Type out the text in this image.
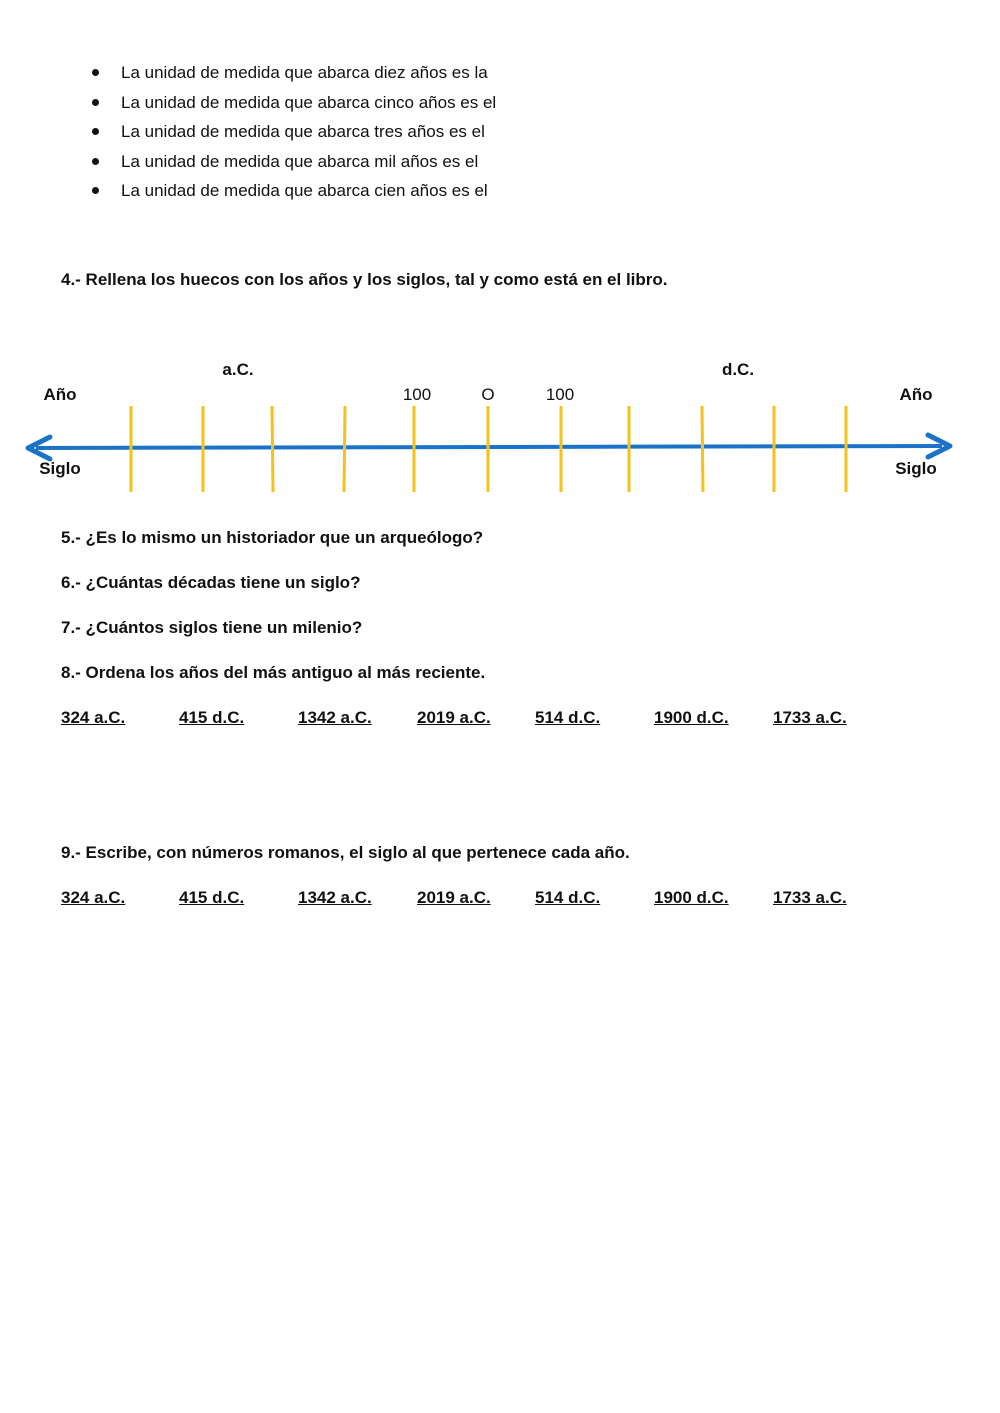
La unidad de medida que abarca diez años es la
La unidad de medida que abarca cinco años es el
La unidad de medida que abarca tres años es el
La unidad de medida que abarca mil años es el
La unidad de medida que abarca cien años es el
4.- Rellena los huecos con los años y los siglos, tal y como está en el libro.
a.C.	d.C.
Año	Año
100	O	100
Siglo	Siglo
5.- ¿Es lo mismo un historiador que un arqueólogo?
6.- ¿Cuántas décadas tiene un siglo?
7.- ¿Cuántos siglos tiene un milenio?
8.- Ordena los años del más antiguo al más reciente.
324 a.C.	415 d.C.	1342 a.C.	2019 a.C.	514 d.C.	1900 d.C.	1733 a.C.
9.- Escribe, con números romanos, el siglo al que pertenece cada año.
324 a.C.	415 d.C.	1342 a.C.	2019 a.C.	514 d.C.	1900 d.C.	1733 a.C.
